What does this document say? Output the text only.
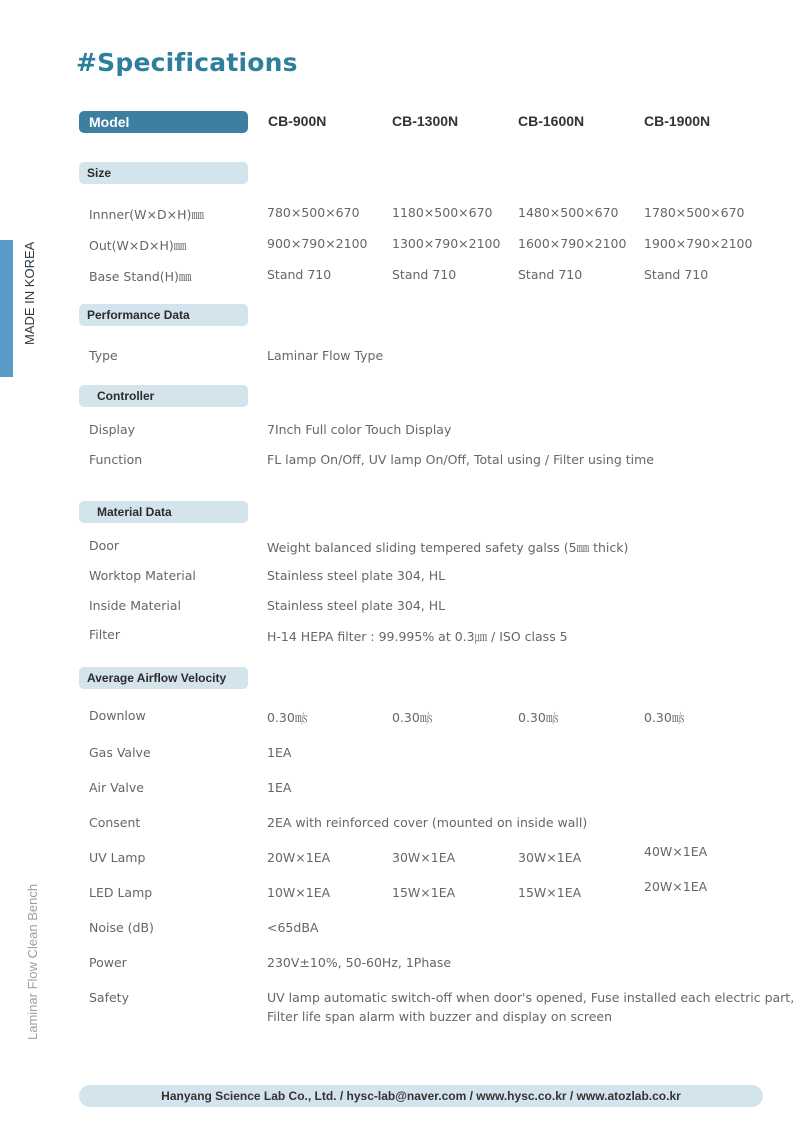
#Specifications
MADE IN KOREA
Laminar Flow Clean Bench
Model	CB-900N	CB-1300N	CB-1600N	CB-1900N
Size
Innner(W×D×H)㎜	780×500×670	1180×500×670 1480×500×670 1780×500×670
Out(W×D×H)㎜	900×790×2100 1300×790×2100 1600×790×2100 1900×790×2100
Base Stand(H)㎜	Stand 710	Stand 710	Stand 710	Stand 710
Performance Data
Type	Laminar Flow Type
Controller
Display	7Inch Full color Touch Display
Function	FL lamp On/Off, UV lamp On/Off, Total using / Filter using time
Material Data
Door	Weight balanced sliding tempered safety galss (5㎜ thick)
Worktop Material	Stainless steel plate 304, HL
Inside Material	Stainless steel plate 304, HL
Filter	H-14 HEPA filter : 99.995% at 0.3㎛ / ISO class 5
Average Airflow Velocity
Downlow	0.30㎧	0.30㎧	0.30㎧	0.30㎧
Gas Valve	1EA
Air Valve	1EA
Consent	2EA with reinforced cover (mounted on inside wall)
UV Lamp	20W×1EA	30W×1EA	30W×1EA	40W×1EA
LED Lamp	10W×1EA	15W×1EA	15W×1EA	20W×1EA
Noise (dB)	<65dBA
Power	230V±10%, 50-60Hz, 1Phase
Safety	UV lamp automatic switch-off when door's opened, Fuse installed each electric part,
Filter life span alarm with buzzer and display on screen
Hanyang Science Lab Co., Ltd. / hysc-lab@naver.com / www.hysc.co.kr / www.atozlab.co.kr
